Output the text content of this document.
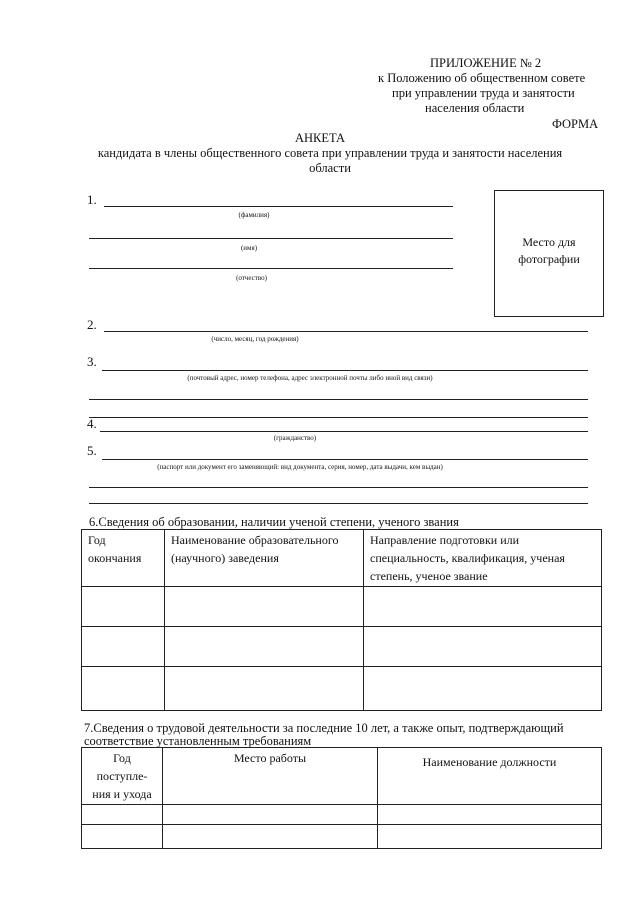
ПРИЛОЖЕНИЕ № 2
к Положению об общественном совете
при управлении труда и занятости
населения области
ФОРМА
АНКЕТА
кандидата в члены общественного совета при управлении труда и занятости населения
области
Место для фотографии
1.
(фамилия)
(имя)
(отчество)
2.
(число, месяц, год рождения)
3.
(почтовый адрес, номер телефона, адрес электронной почты либо иной вид связи)
4.
(гражданство)
5.
(паспорт или документ его заменяющий: вид документа, серия, номер, дата выдачи, кем выдан)
6.Сведения об образовании, наличии ученой степени, ученого звания
Год окончания	Наименование образовательного (научного) заведения	Направление подготовки или специальность, квалификация, ученая степень, ученое звание

7.Сведения о трудовой деятельности за последние 10 лет, а также опыт, подтверждающий
соответствие установленным требованиям
Год поступле-ния и ухода	Место работы	Наименование должности
